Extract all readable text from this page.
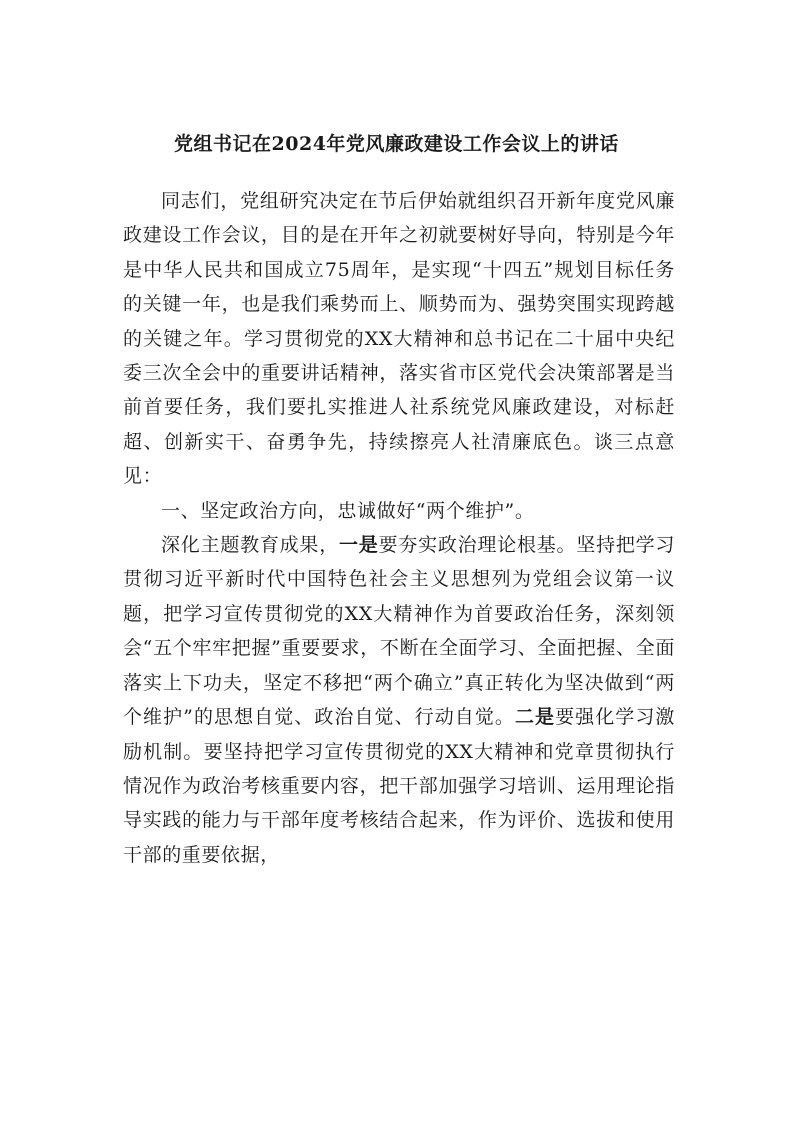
党组书记在2024年党风廉政建设工作会议上的讲话

同志们，党组研究决定在节后伊始就组织召开新年度党风廉政建设工作会议，目的是在开年之初就要树好导向，特别是今年是中华人民共和国成立75周年，是实现“十四五”规划目标任务的关键一年，也是我们乘势而上、顺势而为、强势突围实现跨越的关键之年。学习贯彻党的XX大精神和总书记在二十届中央纪委三次全会中的重要讲话精神，落实省市区党代会决策部署是当前首要任务，我们要扎实推进人社系统党风廉政建设，对标赶超、创新实干、奋勇争先，持续擦亮人社清廉底色。谈三点意见：

一、坚定政治方向，忠诚做好“两个维护”。

深化主题教育成果，一是要夯实政治理论根基。坚持把学习贯彻习近平新时代中国特色社会主义思想列为党组会议第一议题，把学习宣传贯彻党的XX大精神作为首要政治任务，深刻领会“五个牢牢把握”重要要求，不断在全面学习、全面把握、全面落实上下功夫，坚定不移把“两个确立”真正转化为坚决做到“两个维护”的思想自觉、政治自觉、行动自觉。二是要强化学习激励机制。要坚持把学习宣传贯彻党的XX大精神和党章贯彻执行情况作为政治考核重要内容，把干部加强学习培训、运用理论指导实践的能力与干部年度考核结合起来，作为评价、选拔和使用干部的重要依据，
